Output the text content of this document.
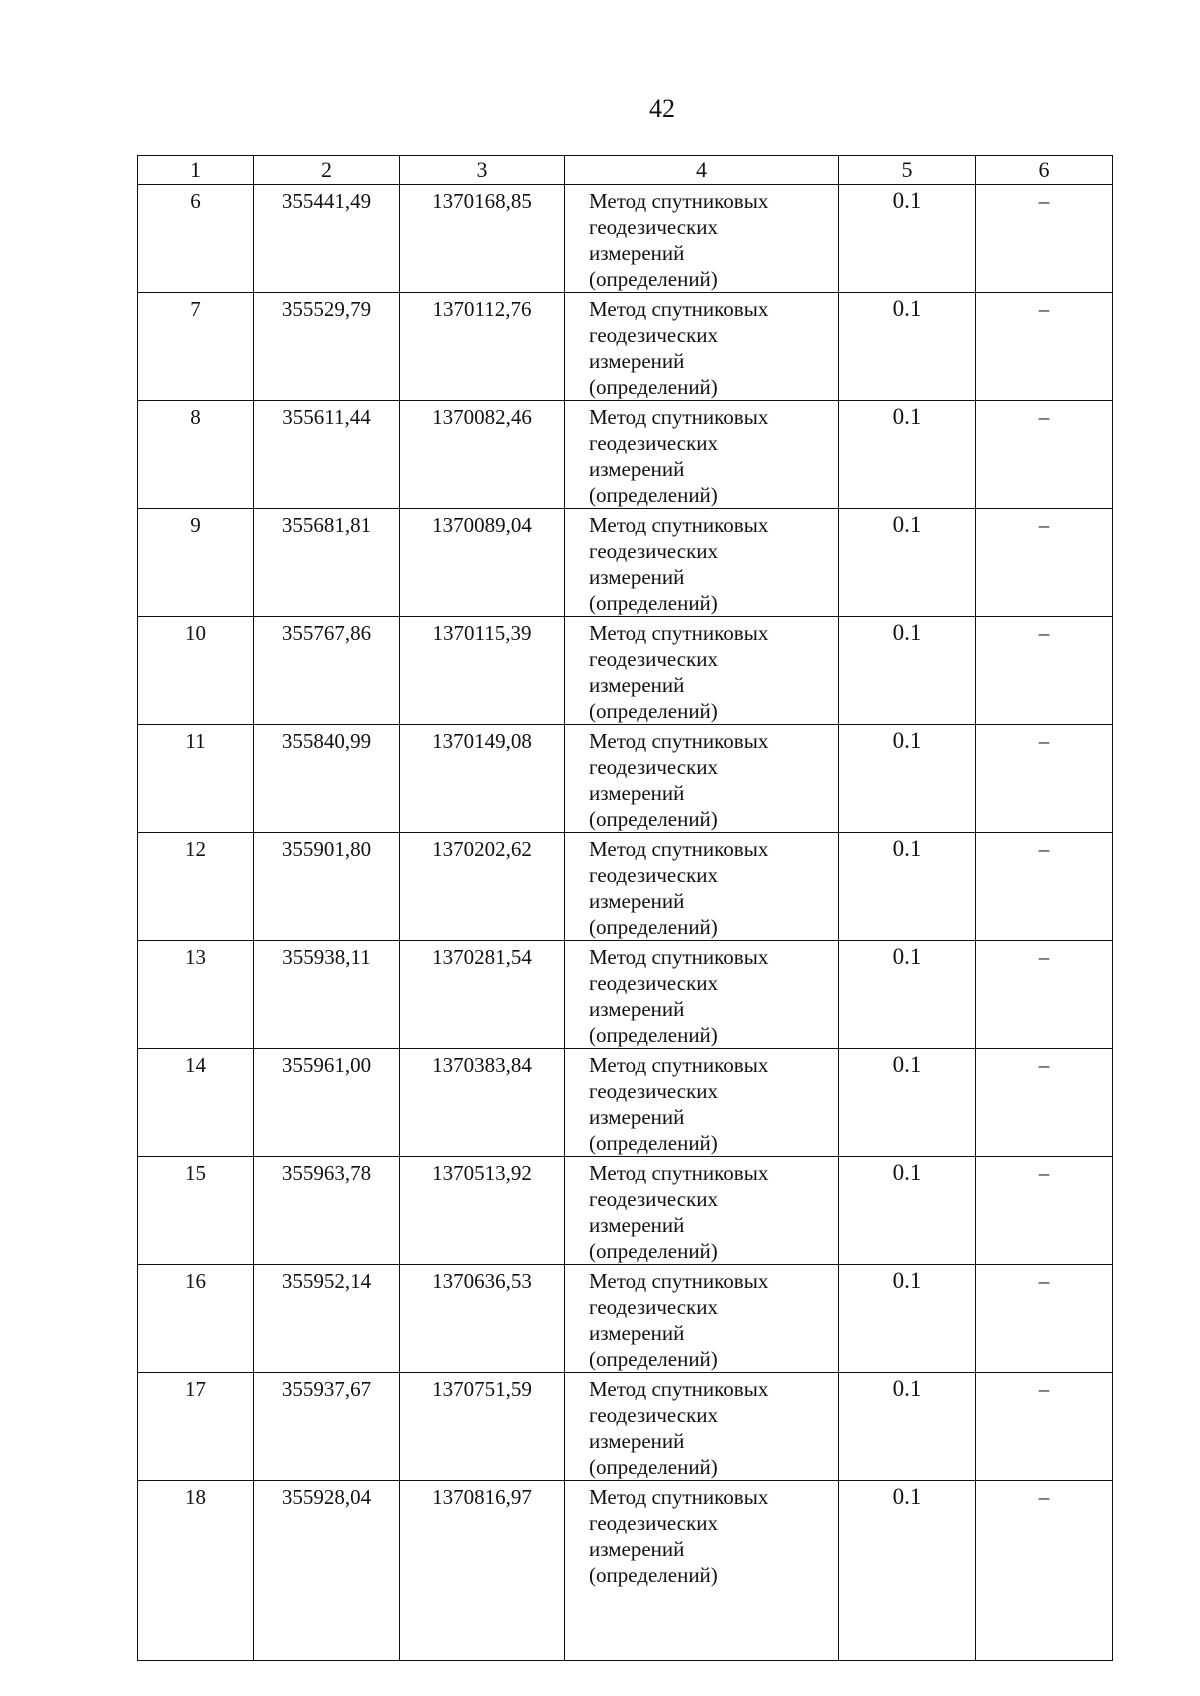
42
1	2	3	4	5	6
6	355441,49	1370168,85	Метод спутниковых
геодезических
измерений
(определений)	0.1	–
7	355529,79	1370112,76	Метод спутниковых
геодезических
измерений
(определений)	0.1	–
8	355611,44	1370082,46	Метод спутниковых
геодезических
измерений
(определений)	0.1	–
9	355681,81	1370089,04	Метод спутниковых
геодезических
измерений
(определений)	0.1	–
10	355767,86	1370115,39	Метод спутниковых
геодезических
измерений
(определений)	0.1	–
11	355840,99	1370149,08	Метод спутниковых
геодезических
измерений
(определений)	0.1	–
12	355901,80	1370202,62	Метод спутниковых
геодезических
измерений
(определений)	0.1	–
13	355938,11	1370281,54	Метод спутниковых
геодезических
измерений
(определений)	0.1	–
14	355961,00	1370383,84	Метод спутниковых
геодезических
измерений
(определений)	0.1	–
15	355963,78	1370513,92	Метод спутниковых
геодезических
измерений
(определений)	0.1	–
16	355952,14	1370636,53	Метод спутниковых
геодезических
измерений
(определений)	0.1	–
17	355937,67	1370751,59	Метод спутниковых
геодезических
измерений
(определений)	0.1	–
18	355928,04	1370816,97	Метод спутниковых
геодезических
измерений
(определений)	0.1	–
